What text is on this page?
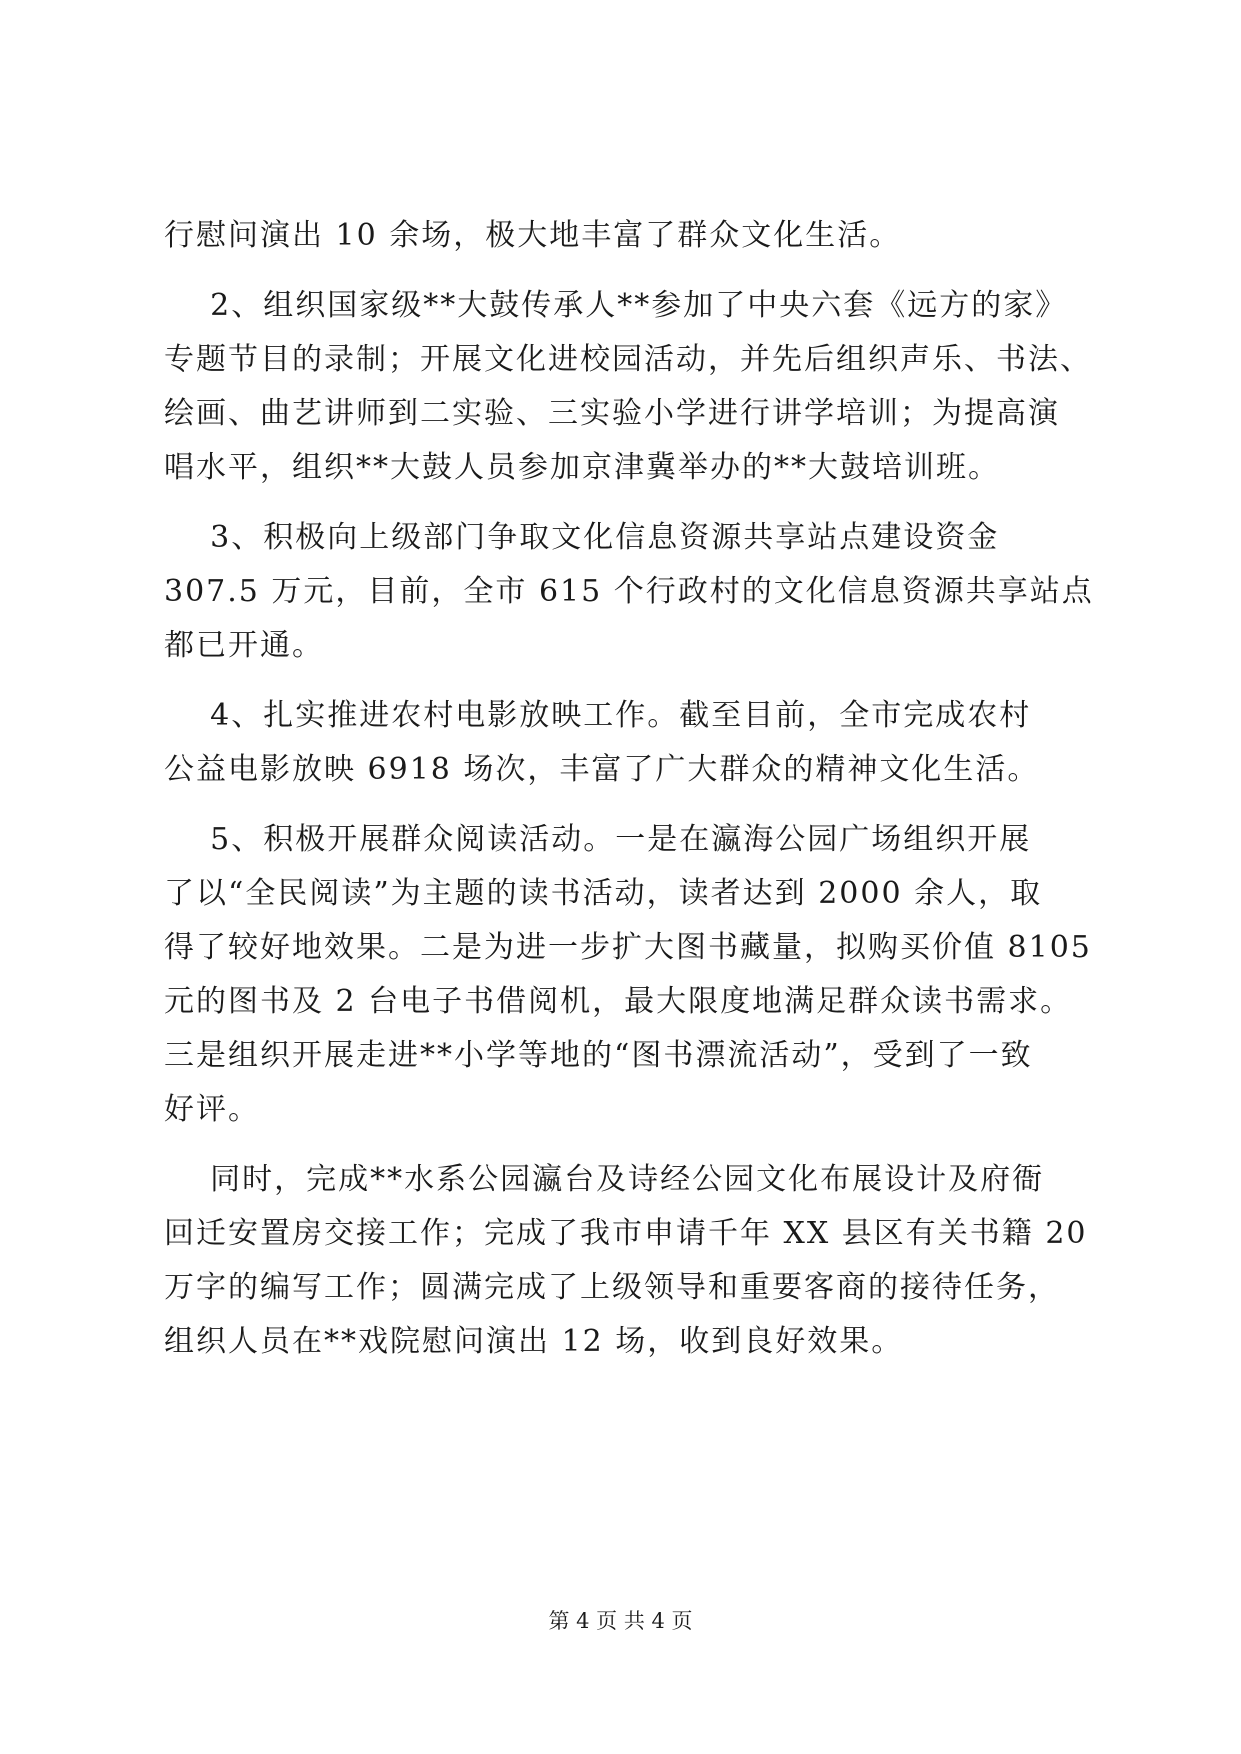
行慰问演出 10 余场，极大地丰富了群众文化生活。
2、组织国家级**大鼓传承人**参加了中央六套《远方的家》
专题节目的录制；开展文化进校园活动，并先后组织声乐、书法、
绘画、曲艺讲师到二实验、三实验小学进行讲学培训；为提高演
唱水平，组织**大鼓人员参加京津冀举办的**大鼓培训班。
3、积极向上级部门争取文化信息资源共享站点建设资金
307.5 万元，目前，全市 615 个行政村的文化信息资源共享站点
都已开通。
4、扎实推进农村电影放映工作。截至目前，全市完成农村
公益电影放映 6918 场次，丰富了广大群众的精神文化生活。
5、积极开展群众阅读活动。一是在瀛海公园广场组织开展
了以“全民阅读”为主题的读书活动，读者达到 2000 余人，取
得了较好地效果。二是为进一步扩大图书藏量，拟购买价值 8105
元的图书及 2 台电子书借阅机，最大限度地满足群众读书需求。
三是组织开展走进**小学等地的“图书漂流活动”，受到了一致
好评。
同时，完成**水系公园瀛台及诗经公园文化布展设计及府衙
回迁安置房交接工作；完成了我市申请千年 XX 县区有关书籍 20
万字的编写工作；圆满完成了上级领导和重要客商的接待任务，
组织人员在**戏院慰问演出 12 场，收到良好效果。
第 4 页 共 4 页
